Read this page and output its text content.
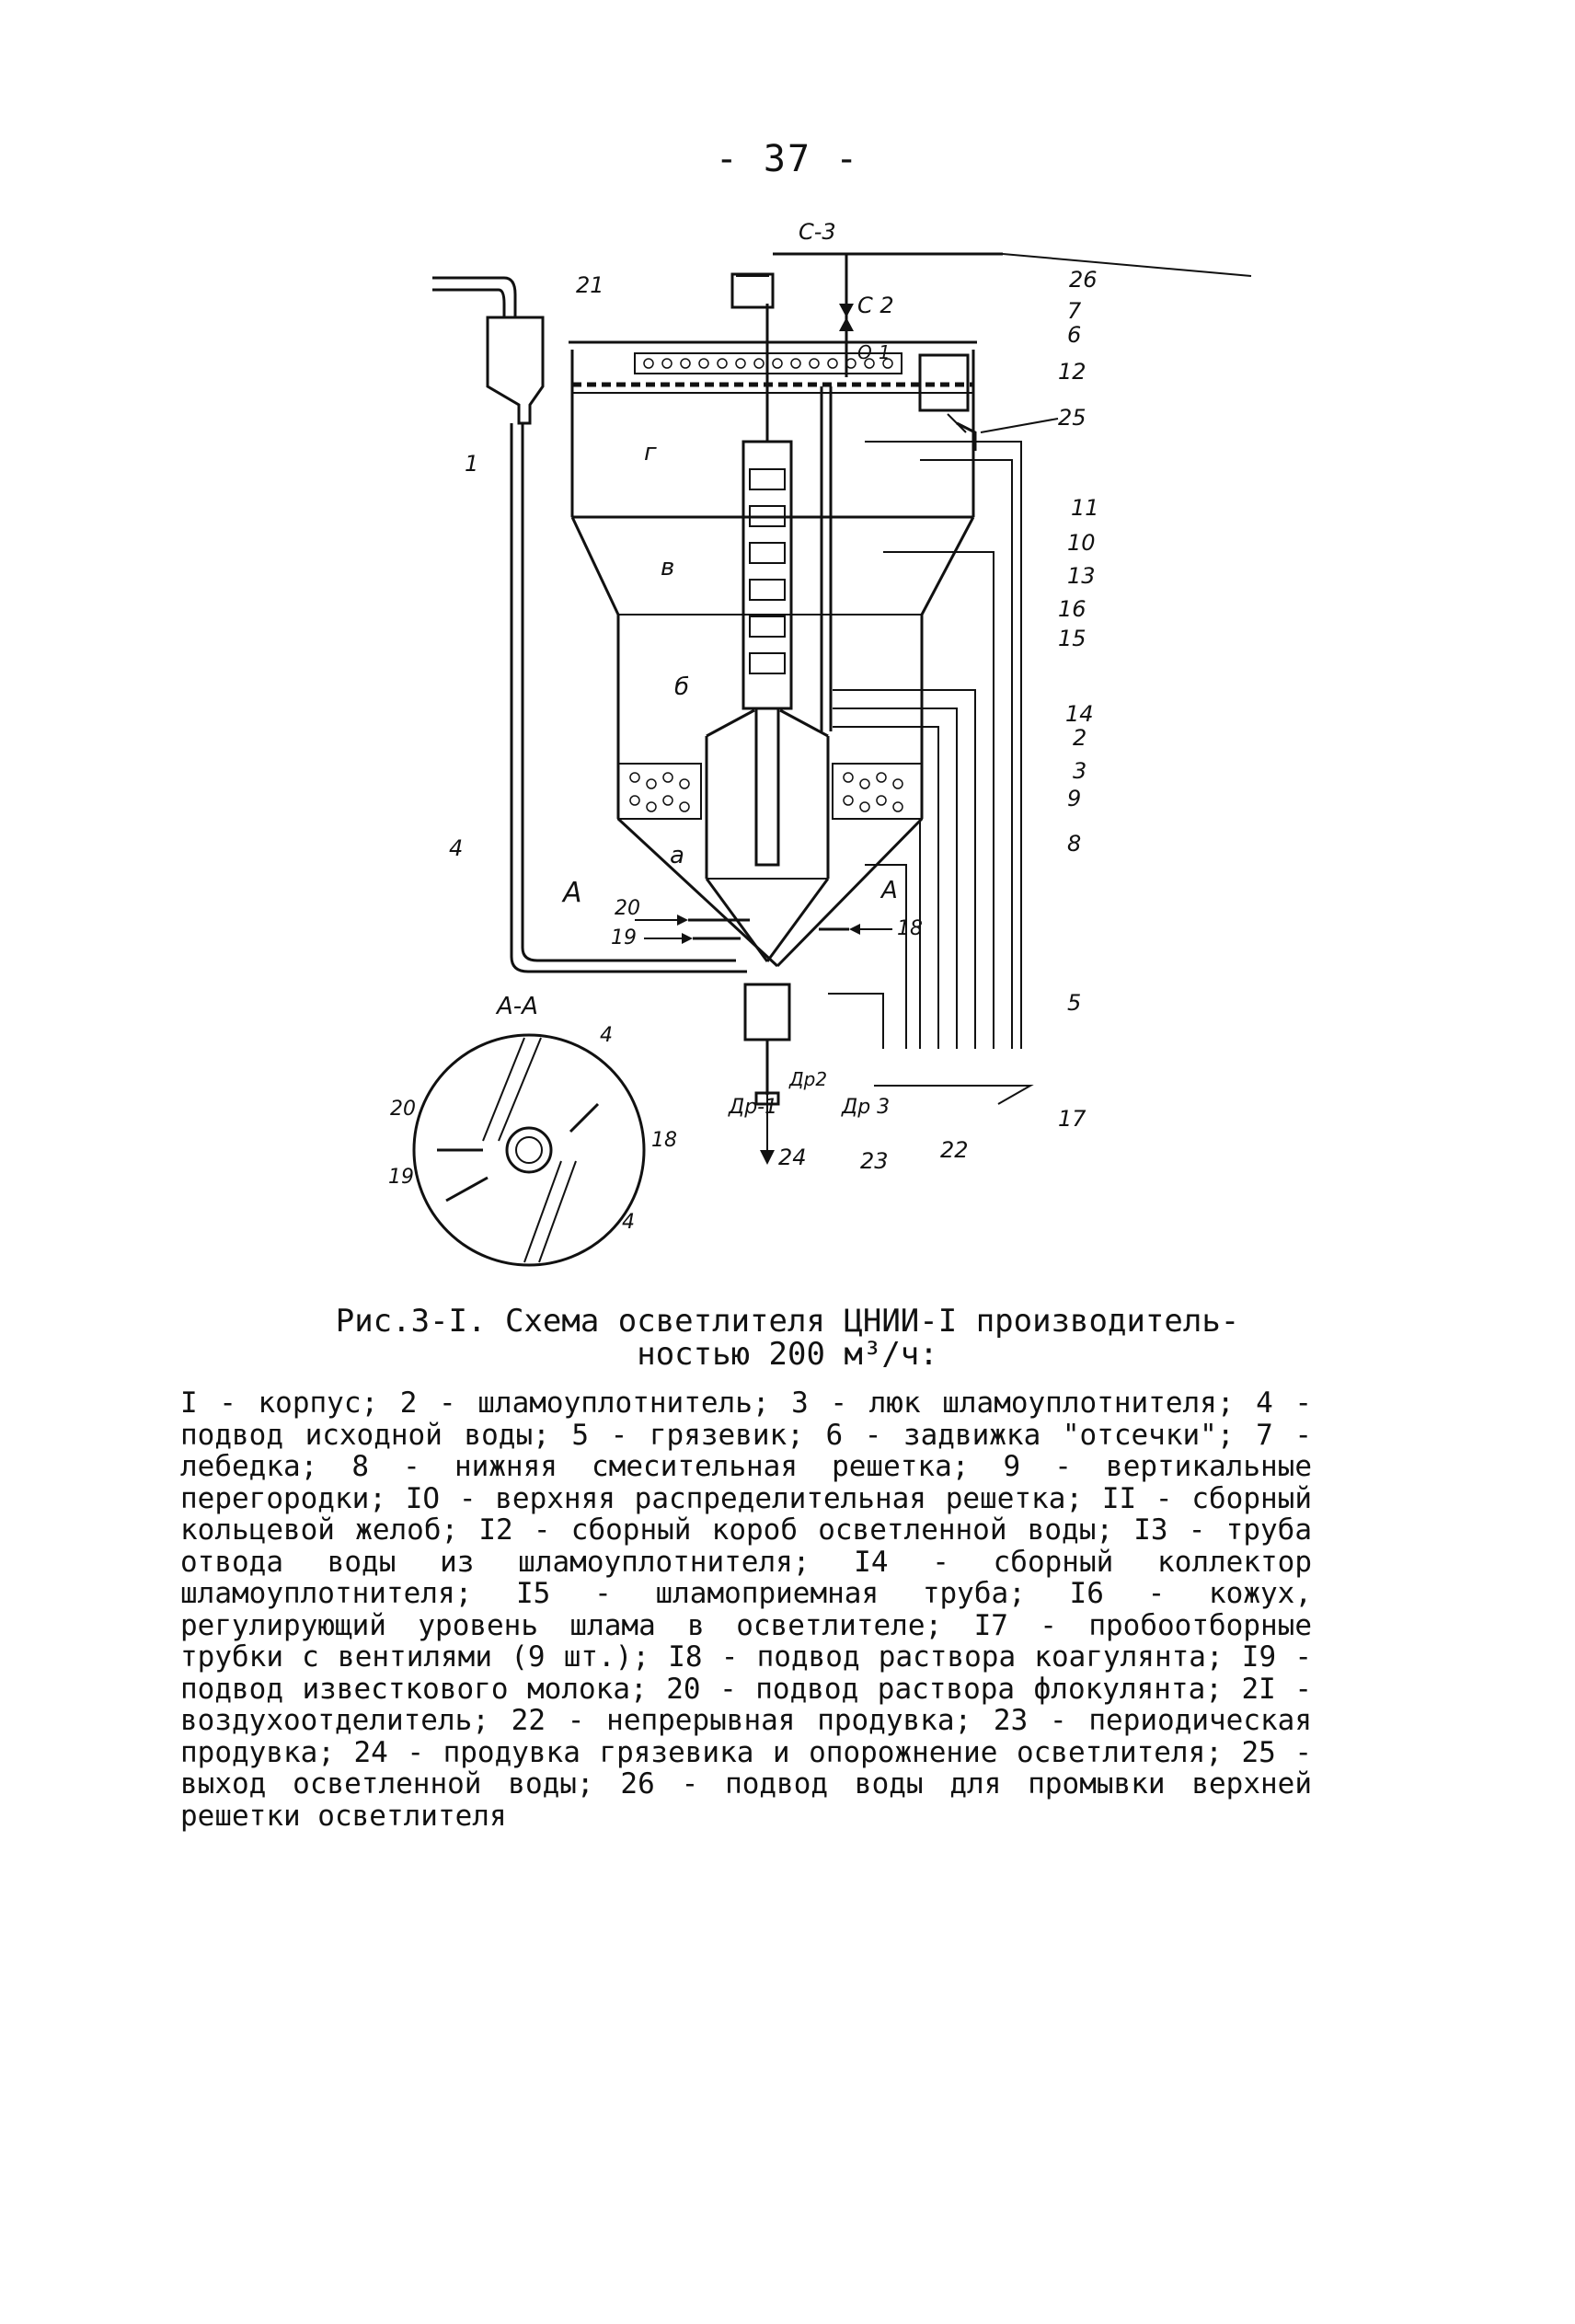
- 37 -
г
в
б
а
C-3
C 2
O-1
Др-1
Др2
Др 3
A	A
A-A
1
2
3
4
5
6
7
8
9
10
11
12
13
14
15
16
17
18
19
20
21
22
23
24
25
26
4
4
18
19
20
Рис.3-I. Схема осветлителя ЦНИИ-I производитель-
ностью 200 м³/ч:
I - корпус; 2 - шламоуплотнитель; 3 - люк шламоуплотнителя; 4 - подвод исходной воды; 5 - грязевик; 6 - задвижка "отсечки"; 7 - лебедка; 8 - нижняя смесительная решетка; 9 - вертикальные перегородки; IO - верхняя распределительная решетка; II - сборный кольцевой желоб; I2 - сборный короб осветленной воды; I3 - труба отвода воды из шламоуплотнителя; I4 - сборный коллектор шламоуплотнителя; I5 - шламоприемная труба; I6 - кожух, регулирующий уровень шлама в осветлителе; I7 - пробоотборные трубки с вентилями (9 шт.); I8 - подвод раствора коагулянта; I9 - подвод известкового молока; 20 - подвод раствора флокулянта; 2I - воздухоотделитель; 22 - непрерывная продувка; 23 - периодическая продувка; 24 - продувка грязевика и опорожнение осветлителя; 25 - выход осветленной воды; 26 - подвод воды для промывки верхней решетки осветлителя
